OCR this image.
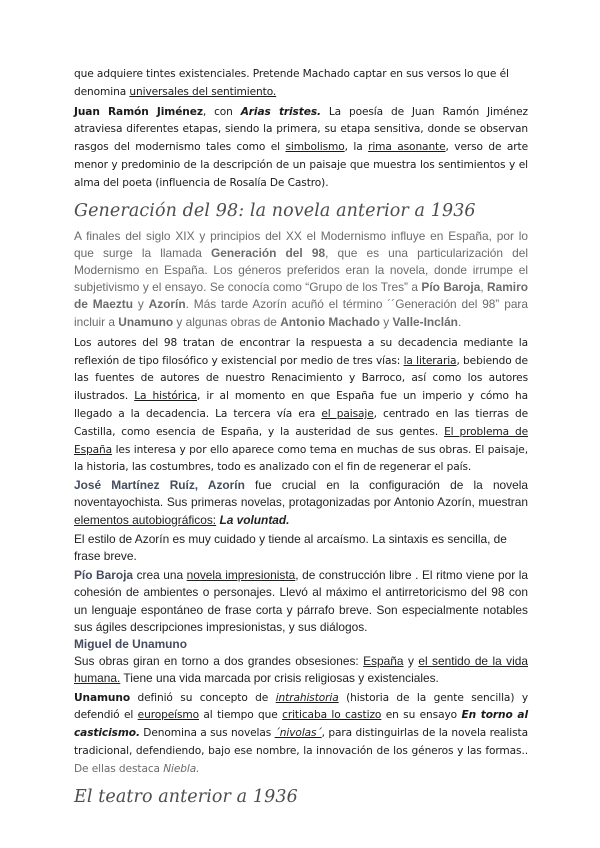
que adquiere tintes existenciales. Pretende Machado captar en sus versos lo que él
denomina universales del sentimiento.

Juan Ramón Jiménez, con Arias tristes. La poesía de Juan Ramón Jiménez atraviesa diferentes etapas, siendo la primera, su etapa sensitiva, donde se observan rasgos del modernismo tales como el simbolismo, la rima asonante, verso de arte menor y predominio de la descripción de un paisaje que muestra los sentimientos y el alma del poeta (influencia de Rosalía De Castro).

Generación del 98: la novela anterior a 1936

A finales del siglo XIX y principios del XX el Modernismo influye en España, por lo que surge la llamada Generación del 98, que es una particularización del Modernismo en España. Los géneros preferidos eran la novela, donde irrumpe el subjetivismo y el ensayo. Se conocía como “Grupo de los Tres” a Pío Baroja, Ramiro de Maeztu y Azorín. Más tarde Azorín acuñó el término ´´Generación del 98” para incluir a Unamuno y algunas obras de Antonio Machado y Valle-Inclán.

Los autores del 98 tratan de encontrar la respuesta a su decadencia mediante la reflexión de tipo filosófico y existencial por medio de tres vías: la literaria, bebiendo de las fuentes de autores de nuestro Renacimiento y Barroco, así como los autores ilustrados. La histórica, ir al momento en que España fue un imperio y cómo ha llegado a la decadencia. La tercera vía era el paisaje, centrado en las tierras de Castilla, como esencia de España, y la austeridad de sus gentes. El problema de España les interesa y por ello aparece como tema en muchas de sus obras. El paisaje, la historia, las costumbres, todo es analizado con el fin de regenerar el país.

José Martínez Ruíz, Azorín fue crucial en la configuración de la novela noventayochista. Sus primeras novelas, protagonizadas por Antonio Azorín, muestran elementos autobiográficos: La voluntad.

El estilo de Azorín es muy cuidado y tiende al arcaísmo. La sintaxis es sencilla, de frase breve.

Pío Baroja crea una novela impresionista, de construcción libre . El ritmo viene por la cohesión de ambientes o personajes. Llevó al máximo el antirretoricismo del 98 con un lenguaje espontáneo de frase corta y párrafo breve. Son especialmente notables sus ágiles descripciones impresionistas, y sus diálogos.

Miguel de Unamuno

Sus obras giran en torno a dos grandes obsesiones: España y el sentido de la vida humana. Tiene una vida marcada por crisis religiosas y existenciales.

Unamuno definió su concepto de intrahistoria (historia de la gente sencilla) y defendió el europeísmo al tiempo que criticaba lo castizo en su ensayo En torno al casticismo. Denomina a sus novelas ´nivolas´, para distinguirlas de la novela realista tradicional, defendiendo, bajo ese nombre, la innovación de los géneros y las formas.. De ellas destaca Niebla.

El teatro anterior a 1936
